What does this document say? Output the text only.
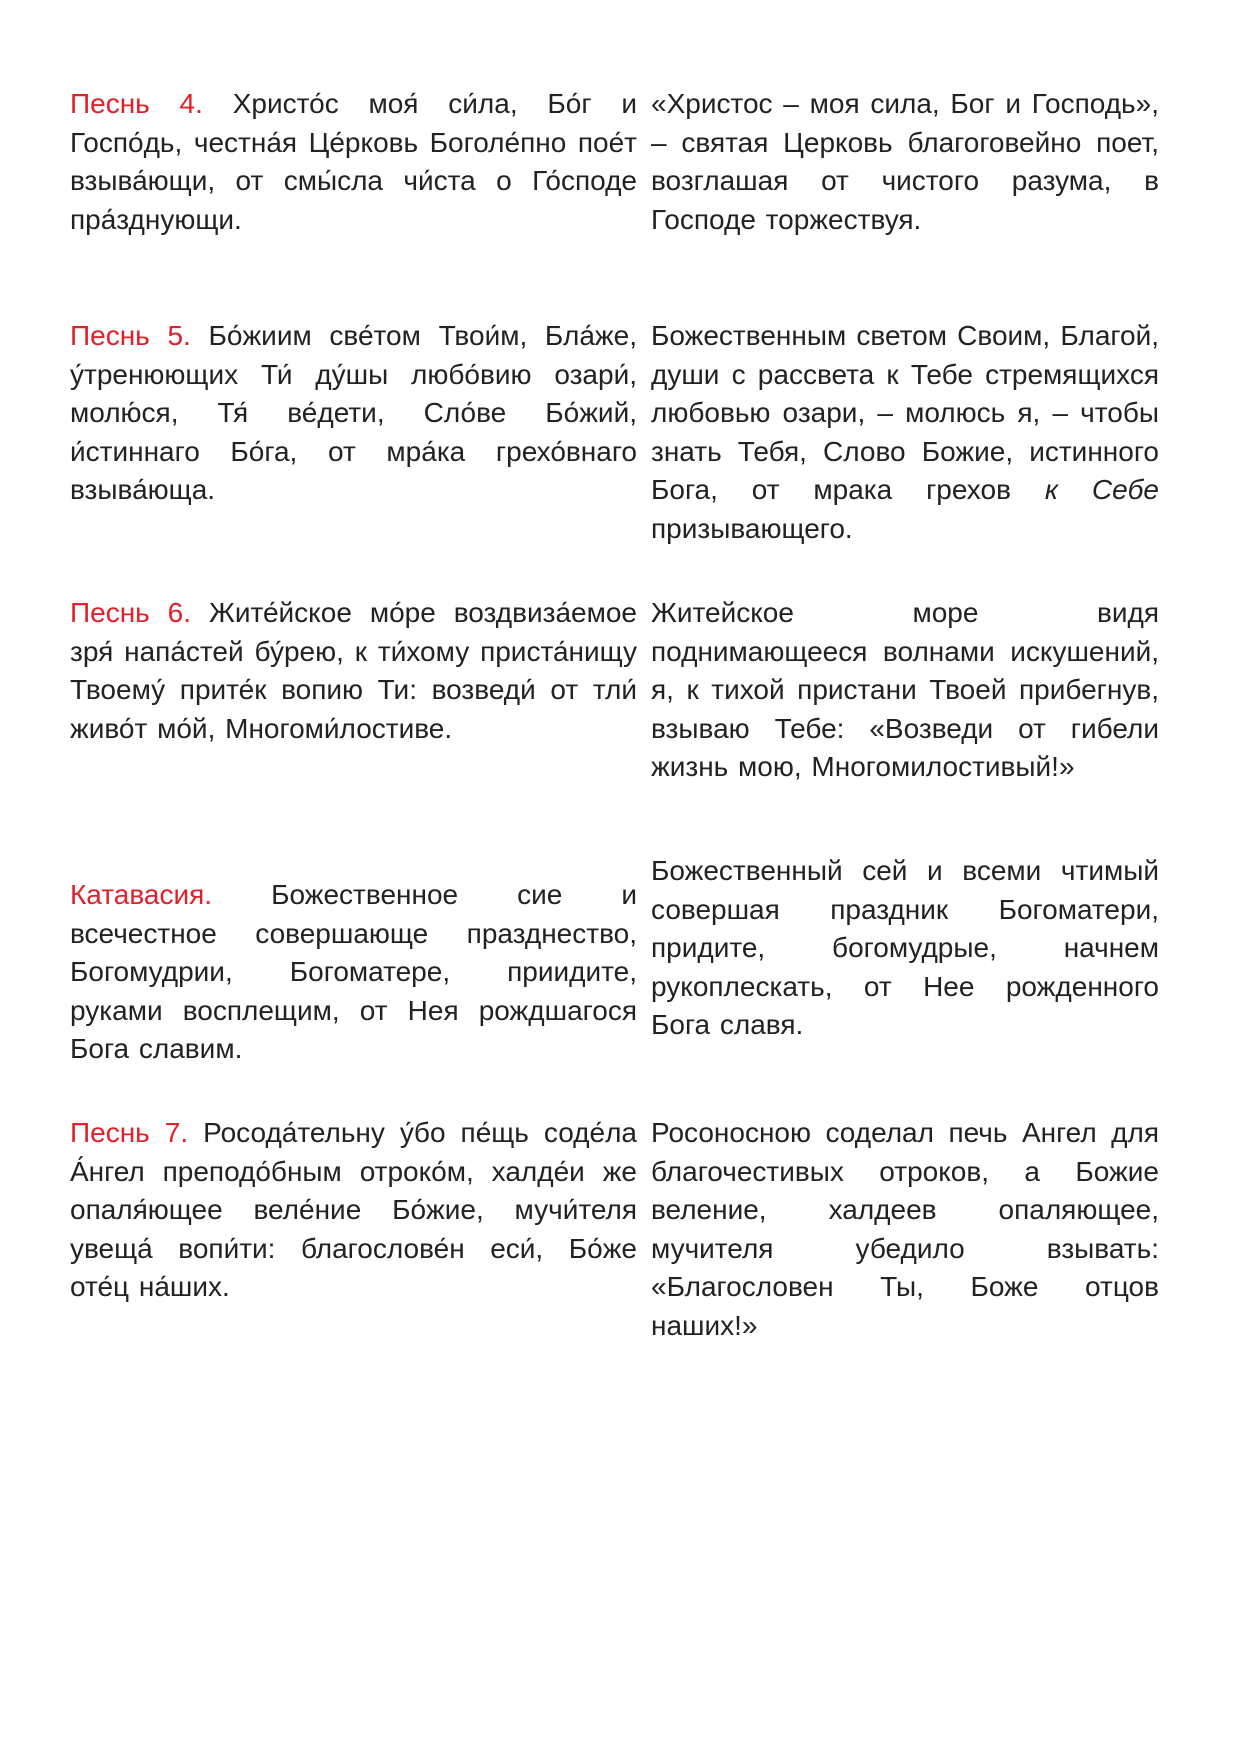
Песнь 4. Христо́с моя́ си́ла, Бо́г и Госпо́дь, честна́я Це́рковь Боголе́пно пое́т взыва́ющи, от смы́сла чи́ста о Го́споде пра́зднующи.
«Христос – моя сила, Бог и Господь», – святая Церковь благоговейно поет, возглашая от чистого разума, в Господе торжествуя.
Песнь 5. Бо́жиим све́том Твои́м, Бла́же, у́тренюющих Ти́ ду́шы любо́вию озари́, молю́ся, Тя́ ве́дети, Сло́ве Бо́жий, и́стиннаго Бо́га, от мра́ка грехо́внаго взыва́юща.
Божественным светом Своим, Благой, души с рассвета к Тебе стремящихся любовью озари, – молюсь я, – чтобы знать Тебя, Слово Божие, истинного Бога, от мрака грехов к Себе призывающего.
Песнь 6. Жите́йское мо́ре воздвиза́емое зря́ напа́стей бу́рею, к ти́хому приста́нищу Твоему́ прите́к вопию Ти: возведи́ от тли́ живо́т мо́й, Многоми́лостиве.
Житейское море видя поднимающееся волнами искушений, я, к тихой пристани Твоей прибегнув, взываю Тебе: «Возведи от гибели жизнь мою, Многомилостивый!»
Катавасия. Божественное сие и всечестное совершающе празднество, Богомудрии, Богоматере, приидите, руками восплещим, от Нея рождшагося Бога славим.
Божественный сей и всеми чтимый совершая праздник Богоматери, придите, богомудрые, начнем рукоплескать, от Нее рожденного Бога славя.
Песнь 7. Росода́тельну у́бо пе́щь соде́ла А́нгел преподо́бным отроко́м, халде́и же опаля́ющее веле́ние Бо́жие, мучи́теля увеща́ вопи́ти: благослове́н еси́, Бо́же оте́ц на́ших.
Росоносною соделал печь Ангел для благочестивых отроков, а Божие веление, халдеев опаляющее, мучителя убедило взывать: «Благословен Ты, Боже отцов наших!»
